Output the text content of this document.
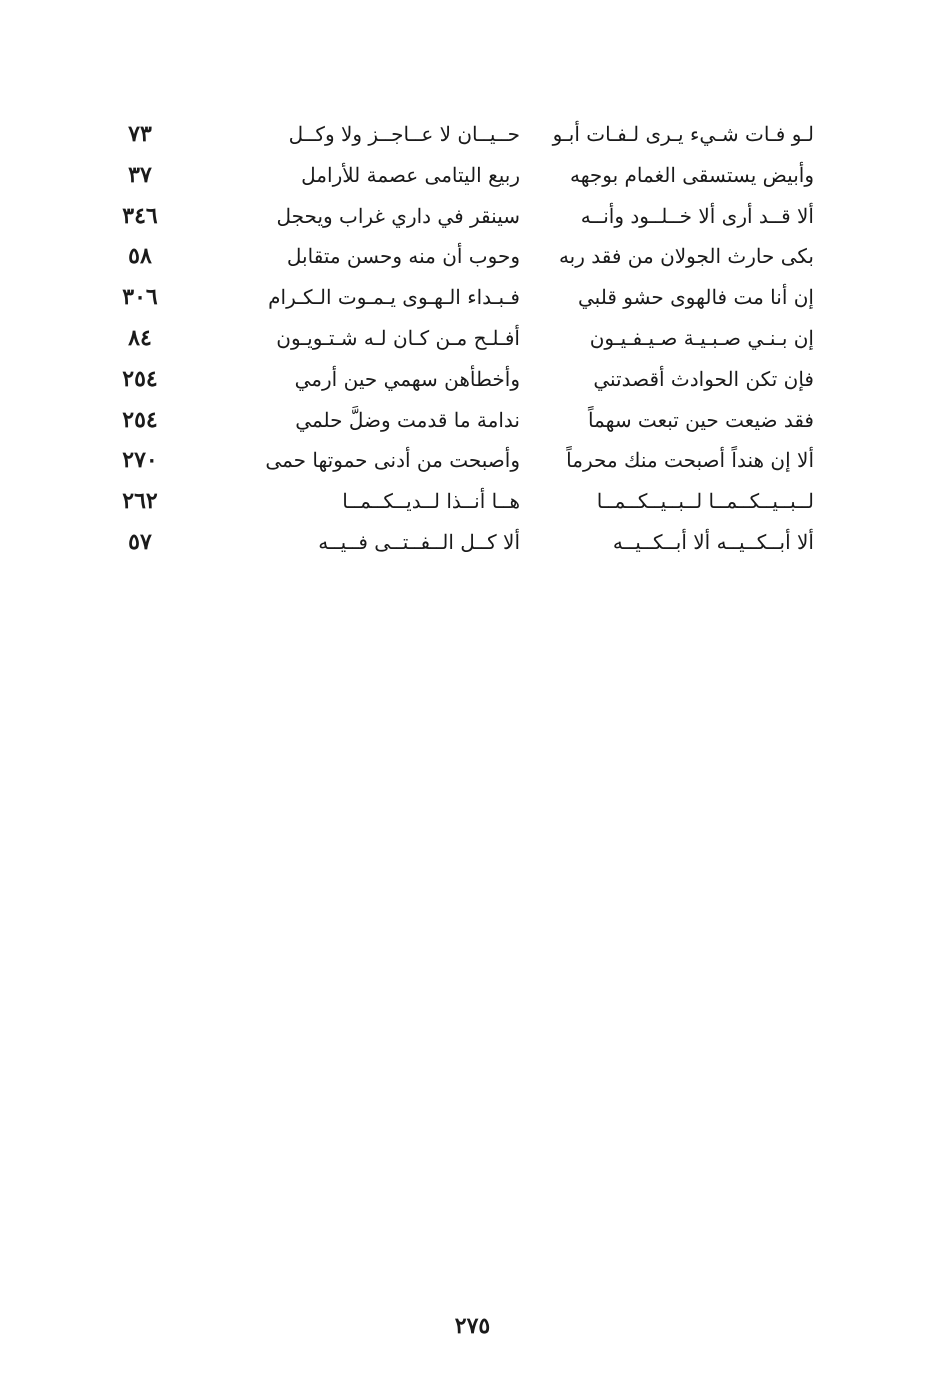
لـو فـات شـيء يـرى لـفـات أبـو
حــيــان لا عــاجــز ولا وكــل
٧٣
وأبيض يستسقى الغمام بوجهه
ربيع اليتامى عصمة للأرامل
٣٧
ألا قــد أرى ألا خــلــود وأنــه
سينقر في داري غراب ويحجل
٣٤٦
بكى حارث الجولان من فقد ربه
وحوب أن منه وحسن متقابل
٥٨
إن أنا مت فالهوى حشو قلبي
فـبـداء الـهـوى يـمـوت الـكـرام
٣٠٦
إن بـنـي صـبـيـة صـيـفـيـون
أفـلـح مـن كـان لـه شـتـويـون
٨٤
فإن تكن الحوادث أقصدتني
وأخطأهن سهمي حين أرمي
٢٥٤
فقد ضيعت حين تبعت سهماً
ندامة ما قدمت وضلَّ حلمي
٢٥٤
ألا إن هنداً أصبحت منك محرماً
وأصبحت من أدنى حموتها حمى
٢٧٠
لــبــيــكــمــا لــبــيــكــمــا
هــا أنــذا لــديــكــمــا
٢٦٢
ألا أبــكــيــه ألا أبــكــيــه
ألا كــل الــفــتــى فــيــه
٥٧
٢٧٥
